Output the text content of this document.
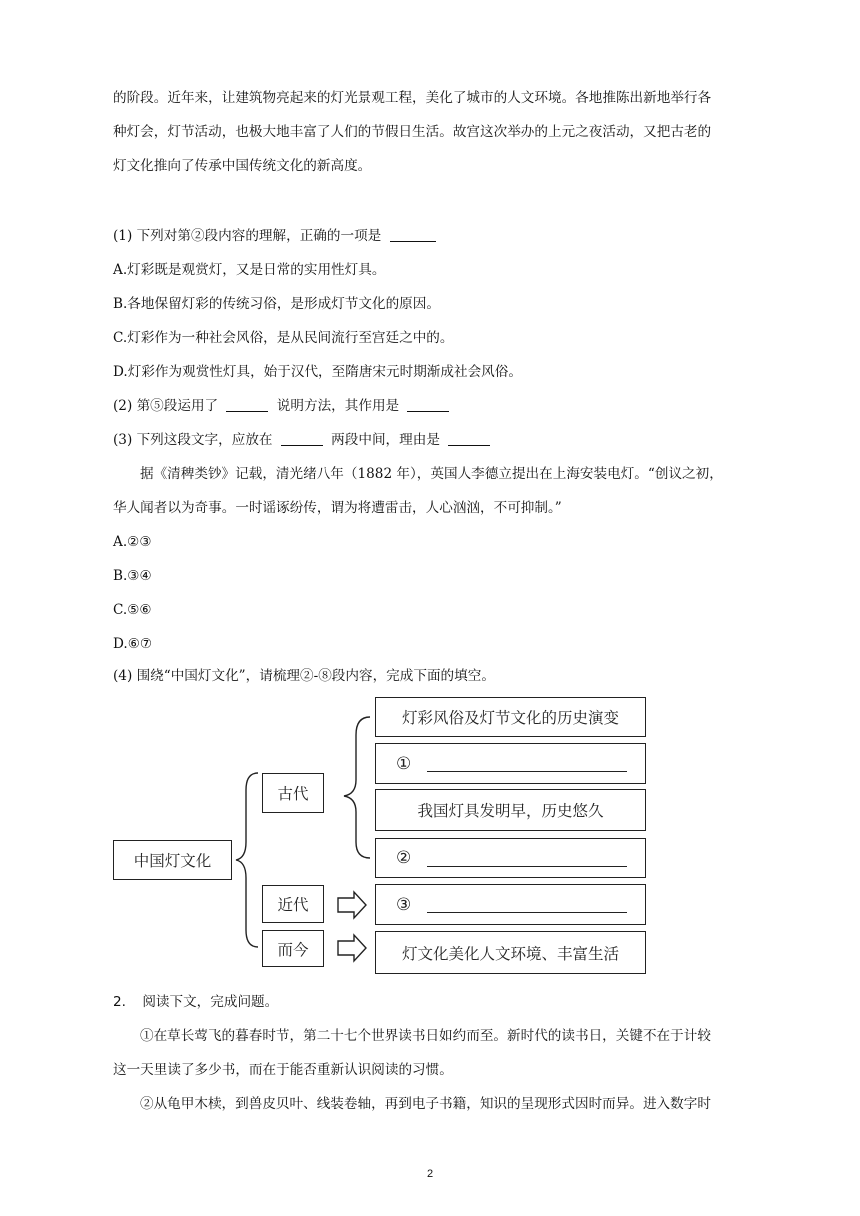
的阶段。近年来，让建筑物亮起来的灯光景观工程，美化了城市的人文环境。各地推陈出新地举行各
种灯会，灯节活动，也极大地丰富了人们的节假日生活。故宫这次举办的上元之夜活动，又把古老的
灯文化推向了传承中国传统文化的新高度。
(1) 下列对第②段内容的理解，正确的一项是
A.灯彩既是观赏灯，又是日常的实用性灯具。
B.各地保留灯彩的传统习俗，是形成灯节文化的原因。
C.灯彩作为一种社会风俗，是从民间流行至宫廷之中的。
D.灯彩作为观赏性灯具，始于汉代，至隋唐宋元时期渐成社会风俗。
(2) 第⑤段运用了	说明方法，其作用是
(3) 下列这段文字，应放在	两段中间，理由是
据《清稗类钞》记载，清光绪八年（1882 年），英国人李德立提出在上海安装电灯。“创议之初，
华人闻者以为奇事。一时谣诼纷传，谓为将遭雷击，人心汹汹，不可抑制。”
A.②③
B.③④
C.⑤⑥
D.⑥⑦
(4) 围绕“中国灯文化”，请梳理②-⑧段内容，完成下面的填空。
中国灯文化
古代
近代
而今
灯彩风俗及灯节文化的历史演变
①
我国灯具发明早，历史悠久
②
③
灯文化美化人文环境、丰富生活
2. 阅读下文，完成问题。
①在草长莺飞的暮春时节，第二十七个世界读书日如约而至。新时代的读书日，关键不在于计较
这一天里读了多少书，而在于能否重新认识阅读的习惯。
②从龟甲木椟，到兽皮贝叶、线装卷轴，再到电子书籍，知识的呈现形式因时而异。进入数字时
2
